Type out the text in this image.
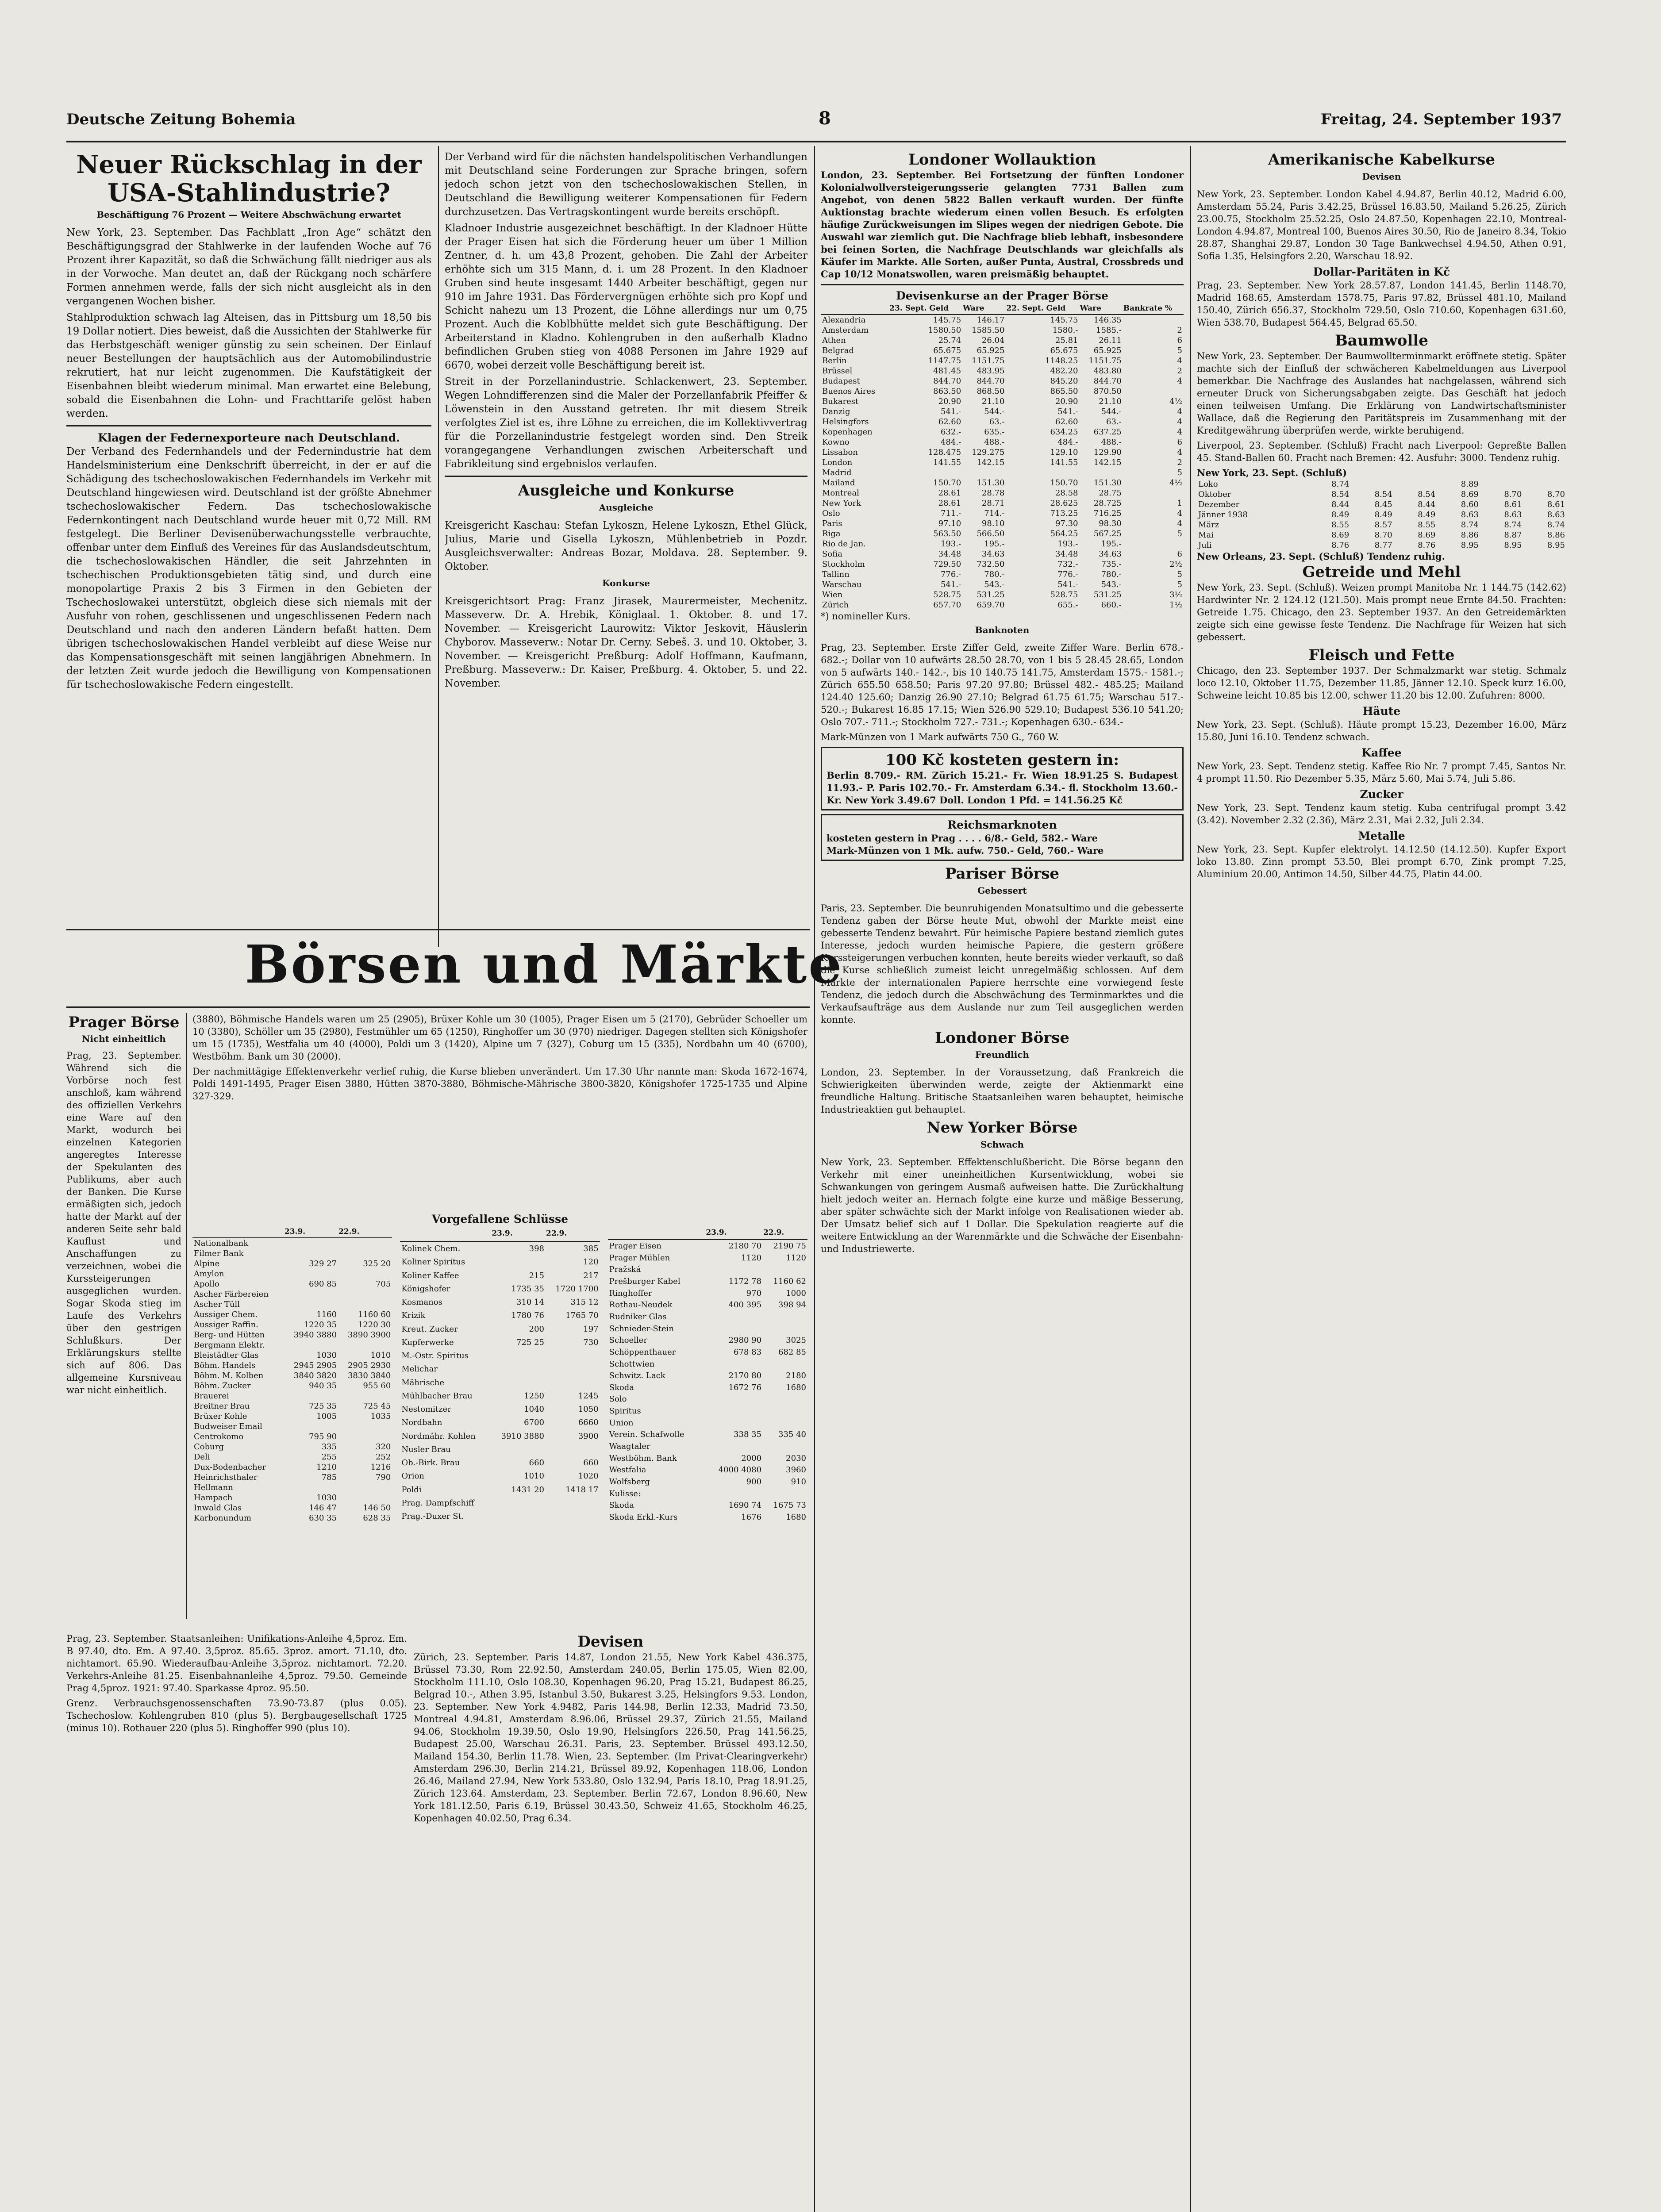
Deutsche Zeitung Bohemia	8	Freitag, 24. September 1937
Neuer Rückschlag in der USA-Stahlindustrie?
Beschäftigung 76 Prozent — Weitere Abschwächung erwartet

New York, 23. September. Das Fachblatt „Iron Age“ schätzt den Beschäftigungsgrad der Stahlwerke in der laufenden Woche auf 76 Prozent ihrer Kapazität, so daß die Schwächung fällt niedriger aus als in der Vorwoche. Man deutet an, daß der Rückgang noch schärfere Formen annehmen werde, falls der sich nicht ausgleicht als in den vergangenen Wochen bisher.

Stahlproduktion schwach lag Alteisen, das in Pittsburg um 18,50 bis 19 Dollar notiert. Dies beweist, daß die Aussichten der Stahlwerke für das Herbstgeschäft weniger günstig zu sein scheinen. Der Einlauf neuer Bestellungen der hauptsächlich aus der Automobilindustrie rekrutiert, hat nur leicht zugenommen. Die Kaufstätigkeit der Eisenbahnen bleibt wiederum minimal. Man erwartet eine Belebung, sobald die Eisenbahnen die Lohn- und Frachttarife gelöst haben werden.

Klagen der Federnexporteure nach Deutschland.

Der Verband des Federnhandels und der Federnindustrie hat dem Handelsministerium eine Denkschrift überreicht, in der er auf die Schädigung des tschechoslowakischen Federnhandels im Verkehr mit Deutschland hingewiesen wird. Deutschland ist der größte Abnehmer tschechoslowakischer Federn. Das tschechoslowakische Federnkontingent nach Deutschland wurde heuer mit 0,72 Mill. RM festgelegt. Die Berliner Devisenüberwachungsstelle verbrauchte, offenbar unter dem Einfluß des Vereines für das Auslandsdeutschtum, die tschechoslowakischen Händler, die seit Jahrzehnten in tschechischen Produktionsgebieten tätig sind, und durch eine monopolartige Praxis 2 bis 3 Firmen in den Gebieten der Tschechoslowakei unterstützt, obgleich diese sich niemals mit der Ausfuhr von rohen, geschlissenen und ungeschlissenen Federn nach Deutschland und nach den anderen Ländern befaßt hatten. Dem übrigen tschechoslowakischen Handel verbleibt auf diese Weise nur das Kompensationsgeschäft mit seinen langjährigen Abnehmern. In der letzten Zeit wurde jedoch die Bewilligung von Kompensationen für tschechoslowakische Federn eingestellt.

Der Verband wird für die nächsten handelspolitischen Verhandlungen mit Deutschland seine Forderungen zur Sprache bringen, sofern jedoch schon jetzt von den tschechoslowakischen Stellen, in Deutschland die Bewilligung weiterer Kompensationen für Federn durchzusetzen. Das Vertragskontingent wurde bereits erschöpft.

Kladnoer Industrie ausgezeichnet beschäftigt. In der Kladnoer Hütte der Prager Eisen hat sich die Förderung heuer um über 1 Million Zentner, d. h. um 43,8 Prozent, gehoben. Die Zahl der Arbeiter erhöhte sich um 315 Mann, d. i. um 28 Prozent. In den Kladnoer Gruben sind heute insgesamt 1440 Arbeiter beschäftigt, gegen nur 910 im Jahre 1931. Das Fördervergnügen erhöhte sich pro Kopf und Schicht nahezu um 13 Prozent, die Löhne allerdings nur um 0,75 Prozent. Auch die Koblbhütte meldet sich gute Beschäftigung. Der Arbeiterstand in Kladno. Kohlengruben in den außerhalb Kladno befindlichen Gruben stieg von 4088 Personen im Jahre 1929 auf 6670, wobei derzeit volle Beschäftigung bereit ist.

Streit in der Porzellanindustrie. Schlackenwert, 23. September. Wegen Lohndifferenzen sind die Maler der Porzellanfabrik Pfeiffer & Löwenstein in den Ausstand getreten. Ihr mit diesem Streik verfolgtes Ziel ist es, ihre Löhne zu erreichen, die im Kollektivvertrag für die Porzellanindustrie festgelegt worden sind. Den Streik vorangegangene Verhandlungen zwischen Arbeiterschaft und Fabrikleitung sind ergebnislos verlaufen.

Ausgleiche und Konkurse
Ausgleiche

Kreisgericht Kaschau: Stefan Lykoszn, Helene Lykoszn, Ethel Glück, Julius, Marie und Gisella Lykoszn, Mühlenbetrieb in Pozdr. Ausgleichsverwalter: Andreas Bozar, Moldava. 28. September. 9. Oktober.

Konkurse

Kreisgerichtsort Prag: Franz Jirasek, Maurermeister, Mechenitz. Masseverw. Dr. A. Hrebik, Königlaal. 1. Oktober. 8. und 17. November. — Kreisgericht Laurowitz: Viktor Jeskovit, Häuslerin Chyborov. Masseverw.: Notar Dr. Cerny. Sebeš. 3. und 10. Oktober, 3. November. — Kreisgericht Preßburg: Adolf Hoffmann, Kaufmann, Preßburg. Masseverw.: Dr. Kaiser, Preßburg. 4. Oktober, 5. und 22. November.

Börsen und Märkte
Prager Börse
Nicht einheitlich

Prag, 23. September. Während sich die Vorbörse noch fest anschloß, kam während des offiziellen Verkehrs eine Ware auf den Markt, wodurch bei einzelnen Kategorien angeregtes Interesse der Spekulanten des Publikums, aber auch der Banken. Die Kurse ermäßigten sich, jedoch hatte der Markt auf der anderen Seite sehr bald Kauflust und Anschaffungen zu verzeichnen, wobei die Kurssteigerungen ausgeglichen wurden. Sogar Skoda stieg im Laufe des Verkehrs über den gestrigen Schlußkurs. Der Erklärungskurs stellte sich auf 806. Das allgemeine Kursniveau war nicht einheitlich.

(3880), Böhmische Handels waren um 25 (2905), Brüxer Kohle um 30 (1005), Prager Eisen um 5 (2170), Gebrüder Schoeller um 10 (3380), Schöller um 35 (2980), Festmühler um 65 (1250), Ringhoffer um 30 (970) niedriger. Dagegen stellten sich Königshofer um 15 (1735), Westfalia um 40 (4000), Poldi um 3 (1420), Alpine um 7 (327), Coburg um 15 (335), Nordbahn um 40 (6700), Westböhm. Bank um 30 (2000).

Der nachmittägige Effektenverkehr verlief ruhig, die Kurse blieben unverändert. Um 17.30 Uhr nannte man: Skoda 1672-1674, Poldi 1491-1495, Prager Eisen 3880, Hütten 3870-3880, Böhmische-Mährische 3800-3820, Königshofer 1725-1735 und Alpine 327-329.

Vorgefallene Schlüsse
	23.9.	22.9.
Nationalbank		
Filmer Bank		
Alpine	329 27	325 20
Amylon		
Apollo	690 85	705
Ascher Färbereien		
Ascher Tüll		
Aussiger Chem.	1160	1160 60
Aussiger Raffin.	1220 35	1220 30
Berg- und Hütten	3940 3880	3890 3900
Bergmann Elektr.		
Bleistädter Glas	1030	1010
Böhm. Handels	2945 2905	2905 2930
Böhm. M. Kolben	3840 3820	3830 3840
Böhm. Zucker	940 35	955 60
Brauerei		
Breitner Brau	725 35	725 45
Brüxer Kohle	1005	1035
Budweiser Email		
Centrokomo	795 90	
Coburg	335	320
Deli	255	252
Dux-Bodenbacher	1210	1216
Heinrichsthaler	785	790
Hellmann		
Hampach	1030	
Inwald Glas	146 47	146 50
Karbonundum	630 35	628 35
	23.9.	22.9.
Kolinek Chem.	398	385
Koliner Spiritus		120
Koliner Kaffee	215	217
Königshofer	1735 35	1720 1700
Kosmanos	310 14	315 12
Krizik	1780 76	1765 70
Kreut. Zucker	200	197
Kupferwerke	725 25	730
M.-Ostr. Spiritus		
Melichar		
Mährische		
Mühlbacher Brau	1250	1245
Nestomitzer	1040	1050
Nordbahn	6700	6660
Nordmähr. Kohlen	3910 3880	3900
Nusler Brau		
Ob.-Birk. Brau	660	660
Orion	1010	1020
Poldi	1431 20	1418 17
Prag. Dampfschiff		
Prag.-Duxer St.		
	23.9.	22.9.
Prager Eisen	2180 70	2190 75
Prager Mühlen	1120	1120
Pražská		
Prešburger Kabel	1172 78	1160 62
Ringhoffer	970	1000
Rothau-Neudek	400 395	398 94
Rudniker Glas		
Schnieder-Stein		
Schoeller	2980 90	3025
Schöppenthauer	678 83	682 85
Schottwien		
Schwitz. Lack	2170 80	2180
Skoda	1672 76	1680
Solo		
Spiritus		
Union		
Verein. Schafwolle	338 35	335 40
Waagtaler		
Westböhm. Bank	2000	2030
Westfalia	4000 4080	3960
Wolfsberg	900	910
Kulisse:		
Skoda	1690 74	1675 73
Skoda Erkl.-Kurs	1676	1680

Prag, 23. September. Staatsanleihen: Unifikations-Anleihe 4,5proz. Em. B 97.40, dto. Em. A 97.40. 3,5proz. 85.65. 3proz. amort. 71.10, dto. nichtamort. 65.90. Wiederaufbau-Anleihe 3,5proz. nichtamort. 72.20. Verkehrs-Anleihe 81.25. Eisenbahnanleihe 4,5proz. 79.50. Gemeinde Prag 4,5proz. 1921: 97.40. Sparkasse 4proz. 95.50.

Grenz. Verbrauchsgenossenschaften 73.90-73.87 (plus 0.05). Tschechoslow. Kohlengruben 810 (plus 5). Bergbaugesellschaft 1725 (minus 10). Rothauer 220 (plus 5). Ringhoffer 990 (plus 10).

Devisen

Zürich, 23. September. Paris 14.87, London 21.55, New York Kabel 436.375, Brüssel 73.30, Rom 22.92.50, Amsterdam 240.05, Berlin 175.05, Wien 82.00, Stockholm 111.10, Oslo 108.30, Kopenhagen 96.20, Prag 15.21, Budapest 86.25, Belgrad 10.-, Athen 3.95, Istanbul 3.50, Bukarest 3.25, Helsingfors 9.53. London, 23. September. New York 4.9482, Paris 144.98, Berlin 12.33, Madrid 73.50, Montreal 4.94.81, Amsterdam 8.96.06, Brüssel 29.37, Zürich 21.55, Mailand 94.06, Stockholm 19.39.50, Oslo 19.90, Helsingfors 226.50, Prag 141.56.25, Budapest 25.00, Warschau 26.31. Paris, 23. September. Brüssel 493.12.50, Mailand 154.30, Berlin 11.78. Wien, 23. September. (Im Privat-Clearingverkehr) Amsterdam 296.30, Berlin 214.21, Brüssel 89.92, Kopenhagen 118.06, London 26.46, Mailand 27.94, New York 533.80, Oslo 132.94, Paris 18.10, Prag 18.91.25, Zürich 123.64. Amsterdam, 23. September. Berlin 72.67, London 8.96.60, New York 181.12.50, Paris 6.19, Brüssel 30.43.50, Schweiz 41.65, Stockholm 46.25, Kopenhagen 40.02.50, Prag 6.34.

Londoner Wollauktion

London, 23. September. Bei Fortsetzung der fünften Londoner Kolonialwollversteigerungsserie gelangten 7731 Ballen zum Angebot, von denen 5822 Ballen verkauft wurden. Der fünfte Auktionstag brachte wiederum einen vollen Besuch. Es erfolgten häufige Zurückweisungen im Slipes wegen der niedrigen Gebote. Die Auswahl war ziemlich gut. Die Nachfrage blieb lebhaft, insbesondere bei feinen Sorten, die Nachfrage Deutschlands war gleichfalls als Käufer im Markte. Alle Sorten, außer Punta, Austral, Crossbreds und Cap 10/12 Monatswollen, waren preismäßig behauptet.

Devisenkurse an der Prager Börse
	23. Sept. Geld	Ware	22. Sept. Geld	Ware	Bankrate %
Alexandria	145.75	146.17	145.75	146.35	
Amsterdam	1580.50	1585.50	1580.-	1585.-	2
Athen	25.74	26.04	25.81	26.11	6
Belgrad	65.675	65.925	65.675	65.925	5
Berlin	1147.75	1151.75	1148.25	1151.75	4
Brüssel	481.45	483.95	482.20	483.80	2
Budapest	844.70	844.70	845.20	844.70	4
Buenos Aires	863.50	868.50	865.50	870.50	
Bukarest	20.90	21.10	20.90	21.10	4½
Danzig	541.-	544.-	541.-	544.-	4
Helsingfors	62.60	63.-	62.60	63.-	4
Kopenhagen	632.-	635.-	634.25	637.25	4
Kowno	484.-	488.-	484.-	488.-	6
Lissabon	128.475	129.275	129.10	129.90	4
London	141.55	142.15	141.55	142.15	2
Madrid					5
Mailand	150.70	151.30	150.70	151.30	4½
Montreal	28.61	28.78	28.58	28.75	
New York	28.61	28.71	28.625	28.725	1
Oslo	711.-	714.-	713.25	716.25	4
Paris	97.10	98.10	97.30	98.30	4
Riga	563.50	566.50	564.25	567.25	5
Rio de Jan.	193.-	195.-	193.-	195.-	
Sofia	34.48	34.63	34.48	34.63	6
Stockholm	729.50	732.50	732.-	735.-	2½
Tallinn	776.-	780.-	776.-	780.-	5
Warschau	541.-	543.-	541.-	543.-	5
Wien	528.75	531.25	528.75	531.25	3½
Zürich	657.70	659.70	655.-	660.-	1½
*) nomineller Kurs.
Banknoten

Prag, 23. September. Erste Ziffer Geld, zweite Ziffer Ware. Berlin 678.- 682.-; Dollar von 10 aufwärts 28.50 28.70, von 1 bis 5 28.45 28.65, London von 5 aufwärts 140.- 142.-, bis 10 140.75 141.75, Amsterdam 1575.- 1581.-; Zürich 655.50 658.50; Paris 97.20 97.80; Brüssel 482.- 485.25; Mailand 124.40 125.60; Danzig 26.90 27.10; Belgrad 61.75 61.75; Warschau 517.- 520.-; Bukarest 16.85 17.15; Wien 526.90 529.10; Budapest 536.10 541.20; Oslo 707.- 711.-; Stockholm 727.- 731.-; Kopenhagen 630.- 634.-

Mark-Münzen von 1 Mark aufwärts 750 G., 760 W.

100 Kč kosteten gestern in:
Berlin 8.709.- RM. Zürich 15.21.- Fr. Wien 18.91.25 S. Budapest 11.93.- P. Paris 102.70.- Fr. Amsterdam 6.34.- fl. Stockholm 13.60.- Kr. New York 3.49.67 Doll. London 1 Pfd. = 141.56.25 Kč
Reichsmarknoten
kosteten gestern in Prag . . . . 6/8.- Geld, 582.- Ware
Mark-Münzen von 1 Mk. aufw. 750.- Geld, 760.- Ware
Pariser Börse
Gebessert

Paris, 23. September. Die beunruhigenden Monatsultimo und die gebesserte Tendenz gaben der Börse heute Mut, obwohl der Markte meist eine gebesserte Tendenz bewahrt. Für heimische Papiere bestand ziemlich gutes Interesse, jedoch wurden heimische Papiere, die gestern größere Kurssteigerungen verbuchen konnten, heute bereits wieder verkauft, so daß die Kurse schließlich zumeist leicht unregelmäßig schlossen. Auf dem Markte der internationalen Papiere herrschte eine vorwiegend feste Tendenz, die jedoch durch die Abschwächung des Terminmarktes und die Verkaufsaufträge aus dem Auslande nur zum Teil ausgeglichen werden konnte.

Londoner Börse
Freundlich

London, 23. September. In der Voraussetzung, daß Frankreich die Schwierigkeiten überwinden werde, zeigte der Aktienmarkt eine freundliche Haltung. Britische Staatsanleihen waren behauptet, heimische Industrieaktien gut behauptet.

New Yorker Börse
Schwach

New York, 23. September. Effektenschlußbericht. Die Börse begann den Verkehr mit einer uneinheitlichen Kursentwicklung, wobei sie Schwankungen von geringem Ausmaß aufweisen hatte. Die Zurückhaltung hielt jedoch weiter an. Hernach folgte eine kurze und mäßige Besserung, aber später schwächte sich der Markt infolge von Realisationen wieder ab. Der Umsatz belief sich auf 1 Dollar. Die Spekulation reagierte auf die weitere Entwicklung an der Warenmärkte und die Schwäche der Eisenbahn- und Industriewerte.

Amerikanische Kabelkurse
Devisen

New York, 23. September. London Kabel 4.94.87, Berlin 40.12, Madrid 6.00, Amsterdam 55.24, Paris 3.42.25, Brüssel 16.83.50, Mailand 5.26.25, Zürich 23.00.75, Stockholm 25.52.25, Oslo 24.87.50, Kopenhagen 22.10, Montreal-London 4.94.87, Montreal 100, Buenos Aires 30.50, Rio de Janeiro 8.34, Tokio 28.87, Shanghai 29.87, London 30 Tage Bankwechsel 4.94.50, Athen 0.91, Sofia 1.35, Helsingfors 2.20, Warschau 18.92.

Dollar-Paritäten in Kč

Prag, 23. September. New York 28.57.87, London 141.45, Berlin 1148.70, Madrid 168.65, Amsterdam 1578.75, Paris 97.82, Brüssel 481.10, Mailand 150.40, Zürich 656.37, Stockholm 729.50, Oslo 710.60, Kopenhagen 631.60, Wien 538.70, Budapest 564.45, Belgrad 65.50.

Baumwolle

New York, 23. September. Der Baumwollterminmarkt eröffnete stetig. Später machte sich der Einfluß der schwächeren Kabelmeldungen aus Liverpool bemerkbar. Die Nachfrage des Auslandes hat nachgelassen, während sich erneuter Druck von Sicherungsabgaben zeigte. Das Geschäft hat jedoch einen teilweisen Umfang. Die Erklärung von Landwirtschaftsminister Wallace, daß die Regierung den Paritätspreis im Zusammenhang mit der Kreditgewährung überprüfen werde, wirkte beruhigend.

Liverpool, 23. September. (Schluß) Fracht nach Liverpool: Gepreßte Ballen 45. Stand-Ballen 60. Fracht nach Bremen: 42. Ausfuhr: 3000. Tendenz ruhig.

New York, 23. Sept. (Schluß)
Loko	8.74			8.89		
Oktober	8.54	8.54	8.54	8.69	8.70	8.70
Dezember	8.44	8.45	8.44	8.60	8.61	8.61
Jänner 1938	8.49	8.49	8.49	8.63	8.63	8.63
März	8.55	8.57	8.55	8.74	8.74	8.74
Mai	8.69	8.70	8.69	8.86	8.87	8.86
Juli	8.76	8.77	8.76	8.95	8.95	8.95
New Orleans, 23. Sept. (Schluß) Tendenz ruhig.
Getreide und Mehl

New York, 23. Sept. (Schluß). Weizen prompt Manitoba Nr. 1 144.75 (142.62) Hardwinter Nr. 2 124.12 (121.50). Mais prompt neue Ernte 84.50. Frachten: Getreide 1.75. Chicago, den 23. September 1937. An den Getreidemärkten zeigte sich eine gewisse feste Tendenz. Die Nachfrage für Weizen hat sich gebessert.

Fleisch und Fette

Chicago, den 23. September 1937. Der Schmalzmarkt war stetig. Schmalz loco 12.10, Oktober 11.75, Dezember 11.85, Jänner 12.10. Speck kurz 16.00, Schweine leicht 10.85 bis 12.00, schwer 11.20 bis 12.00. Zufuhren: 8000.

Häute

New York, 23. Sept. (Schluß). Häute prompt 15.23, Dezember 16.00, März 15.80, Juni 16.10. Tendenz schwach.

Kaffee

New York, 23. Sept. Tendenz stetig. Kaffee Rio Nr. 7 prompt 7.45, Santos Nr. 4 prompt 11.50. Rio Dezember 5.35, März 5.60, Mai 5.74, Juli 5.86.

Zucker

New York, 23. Sept. Tendenz kaum stetig. Kuba centrifugal prompt 3.42 (3.42). November 2.32 (2.36), März 2.31, Mai 2.32, Juli 2.34.

Metalle

New York, 23. Sept. Kupfer elektrolyt. 14.12.50 (14.12.50). Kupfer Export loko 13.80. Zinn prompt 53.50, Blei prompt 6.70, Zink prompt 7.25, Aluminium 20.00, Antimon 14.50, Silber 44.75, Platin 44.00.
